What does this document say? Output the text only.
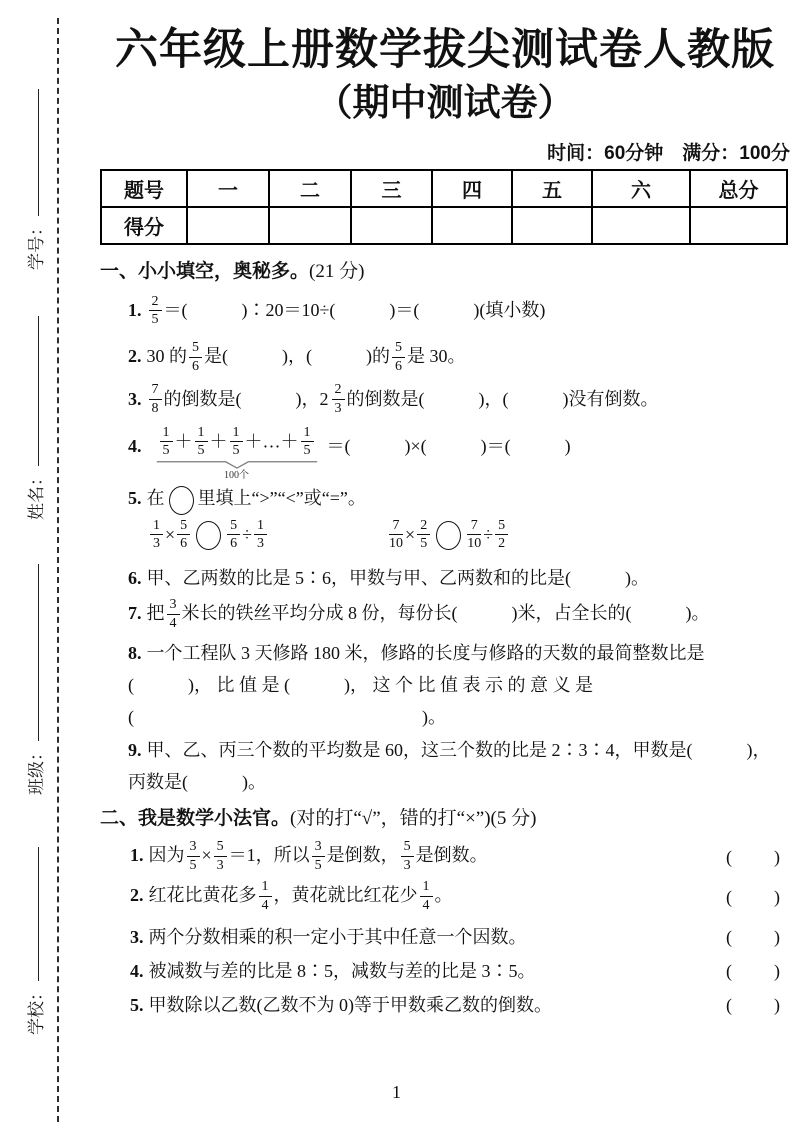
学号：
姓名：
班级：
学校：
六年级上册数学拔尖测试卷人教版
（期中测试卷）
时间：60分钟　满分：100分
题号	一	二	三	四	五	六	总分
得分							
一、小小填空，奥秘多。(21 分)
1. $\frac{2}{5}$ ＝(　　　)∶20＝10÷(　　　)＝(　　　)(填小数)
2. 30 的 $\frac{5}{6}$ 是(　　　)，(　　　)的 $\frac{5}{6}$ 是 30。
3. $\frac{7}{8}$ 的倒数是(　　　)，$2 \frac{2}{3}$ 的倒数是(　　　)，(　　　)没有倒数。
4. $\frac{1}{5} + \frac{1}{5} + \frac{1}{5}$ ＋…＋ $\frac{1}{5}$
100个
＝(　　　)×(　　　)＝(　　　)
5. 在 里填上“>”“<”或“=”。
$\frac{1}{3} \times \frac{5}{6} \frac{5}{6} \div \frac{1}{3}$	$\frac{7}{10} \times \frac{2}{5} \frac{7}{10} \div \frac{5}{2}$
6. 甲、乙两数的比是 5∶6，甲数与甲、乙两数和的比是(　　　)。
7. 把 $\frac{3}{4}$ 米长的铁丝平均分成 8 份，每份长(　　　)米，占全长的(　　　)。
8. 一个工程队 3 天修路 180 米，修路的长度与修路的天数的最简整数比是
(　　　)， 比 值 是 (　　　)， 这 个 比 值 表 示 的 意 义 是
(　　　　　　　　　　　　　　　　)。
9. 甲、乙、丙三个数的平均数是 60，这三个数的比是 2∶3∶4，甲数是(　　　)，
丙数是(　　　)。
二、我是数学小法官。(对的打“√”，错的打“×”)(5 分)
1. 因为 $\frac{3}{5} \times \frac{5}{3} =1$，所以 $\frac{3}{5}$ 是倒数， $\frac{5}{3}$ 是倒数。	(　　)
2. 红花比黄花多 $\frac{1}{4}$ ，黄花就比红花少 $\frac{1}{4}$ 。	(　　)
3. 两个分数相乘的积一定小于其中任意一个因数。	(　　)
4. 被减数与差的比是 8∶5，减数与差的比是 3∶5。	(　　)
5. 甲数除以乙数(乙数不为 0)等于甲数乘乙数的倒数。	(　　)
1
